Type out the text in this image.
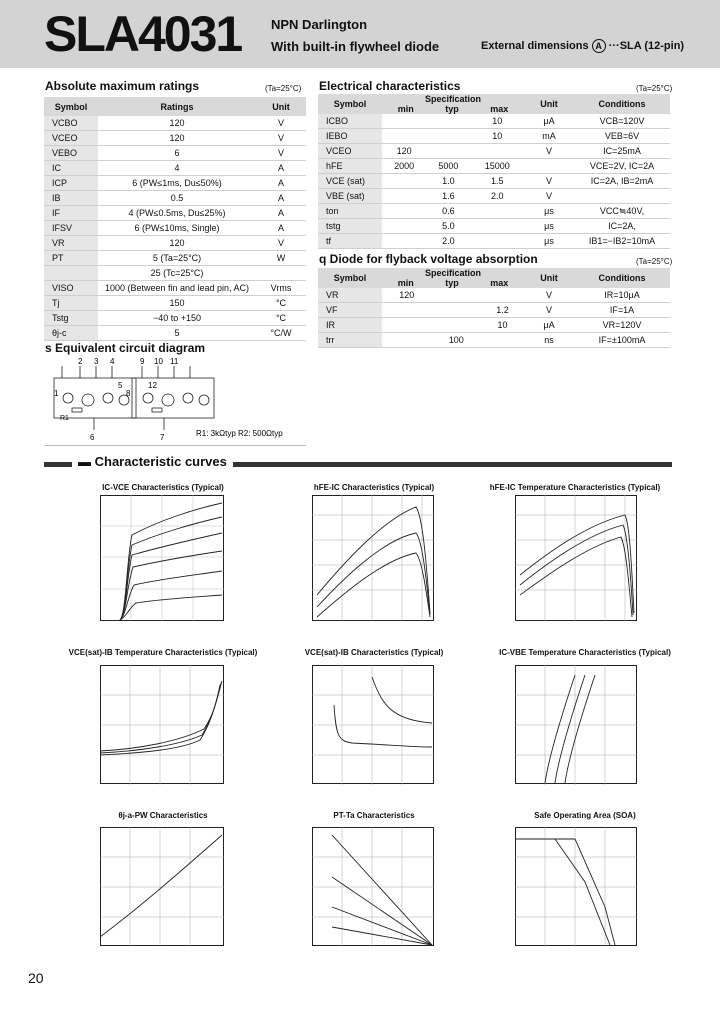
SLA4031 NPN Darlington
With built-in flywheel diode	External dimensions A ···SLA (12-pin)
Absolute maximum ratings	(Ta=25°C)
Symbol	Ratings	Unit
VCBO	120	V
VCEO	120	V
VEBO	6	V
IC	4	A
ICP	6 (PW≤1ms, Du≤50%)	A
IB	0.5	A
IF	4 (PW≤0.5ms, Du≤25%)	A
IFSV	6 (PW≤10ms, Single)	A
VR	120	V
PT	5 (Ta=25°C)	W
	25 (Tc=25°C)	
VISO	1000 (Between fin and lead pin, AC)	Vrms
Tj	150	°C
Tstg	−40 to +150	°C
θj-c	5	°C/W
Electrical characteristics	(Ta=25°C)
Symbol	Specification
min typ max			Unit	Conditions
ICBO			10	μA	VCB=120V
IEBO			10	mA	VEB=6V
VCEO	120			V	IC=25mA
hFE	2000	5000	15000		VCE=2V, IC=2A
VCE (sat)		1.0	1.5	V	IC=2A, IB=2mA
VBE (sat)		1.6	2.0	V	
ton		0.6		μs	VCC≒40V,
tstg		5.0		μs	IC=2A,
tf		2.0		μs	IB1=−IB2=10mA
q Diode for flyback voltage absorption	(Ta=25°C)
Symbol	Specification
min typ max			Unit	Conditions
VR	120			V	IR=10μA
VF			1.2	V	IF=1A
IR			10	μA	VR=120V
trr		100		ns	IF=±100mA
s Equivalent circuit diagram
2 3 4
1
5
6
9 10 11
8
12
7
R1
R1: 3kΩtyp R2: 500Ωtyp
▬ Characteristic curves
IC-VCE Characteristics (Typical)	hFE-IC Characteristics (Typical)	hFE-IC Temperature Characteristics (Typical)
VCE(sat)-IB Temperature Characteristics (Typical)	VCE(sat)-IB Characteristics (Typical)	IC-VBE Temperature Characteristics (Typical)
θj-a-PW Characteristics	PT-Ta Characteristics	Safe Operating Area (SOA)
20
